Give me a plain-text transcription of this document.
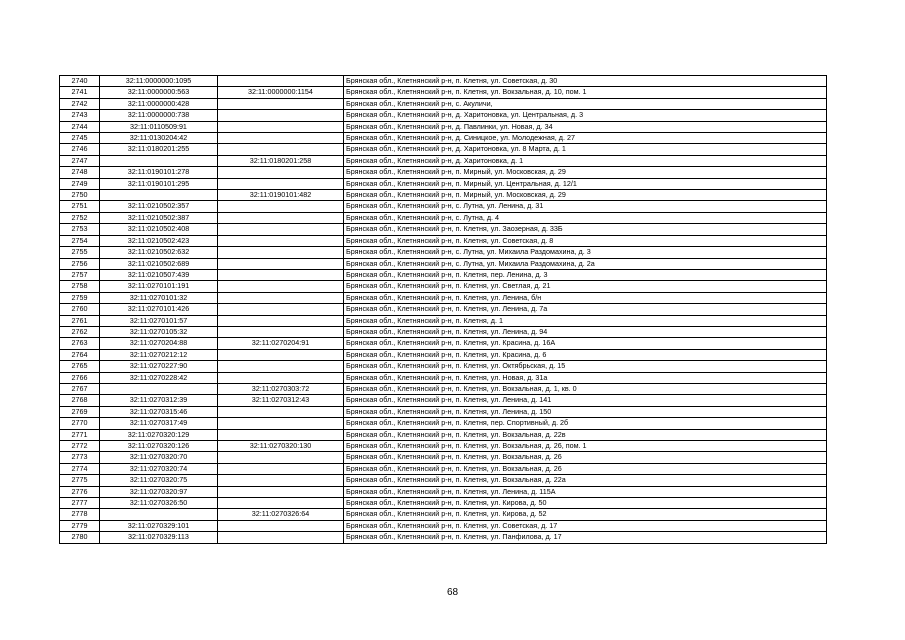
2740	32:11:0000000:1095		Брянская обл., Клетнянский р-н, п. Клетня, ул. Советская, д. 30
2741	32:11:0000000:563	32:11:0000000:1154	Брянская обл., Клетнянский р-н, п. Клетня, ул. Вокзальная, д. 10, пом. 1
2742	32:11:0000000:428		Брянская обл., Клетнянский р-н, с. Акуличи,
2743	32:11:0000000:738		Брянская обл., Клетнянский р-н, д. Харитоновка, ул. Центральная, д. 3
2744	32:11:0110509:91		Брянская обл., Клетнянский р-н, д. Павлинки, ул. Новая, д. 34
2745	32:11:0130204:42		Брянская обл., Клетнянский р-н, д. Синицкое, ул. Молодежная, д. 27
2746	32:11:0180201:255		Брянская обл., Клетнянский р-н, д. Харитоновка, ул. 8 Марта, д. 1
2747		32:11:0180201:258	Брянская обл., Клетнянский р-н, д. Харитоновка, д. 1
2748	32:11:0190101:278		Брянская обл., Клетнянский р-н, п. Мирный, ул. Московская, д. 29
2749	32:11:0190101:295		Брянская обл., Клетнянский р-н, п. Мирный, ул. Центральная, д. 12/1
2750		32:11:0190101:482	Брянская обл., Клетнянский р-н, п. Мирный, ул. Московская, д. 29
2751	32:11:0210502:357		Брянская обл., Клетнянский р-н, с. Лутна, ул. Ленина, д. 31
2752	32:11:0210502:387		Брянская обл., Клетнянский р-н, с. Лутна, д. 4
2753	32:11:0210502:408		Брянская обл., Клетнянский р-н, п. Клетня, ул. Заозерная, д. 33Б
2754	32:11:0210502:423		Брянская обл., Клетнянский р-н, п. Клетня, ул. Советская, д. 8
2755	32:11:0210502:632		Брянская обл., Клетнянский р-н, с. Лутна, ул. Михаила Раздомахина, д. 3
2756	32:11:0210502:689		Брянская обл., Клетнянский р-н, с. Лутна, ул. Михаила Раздомахина, д. 2а
2757	32:11:0210507:439		Брянская обл., Клетнянский р-н, п. Клетня, пер. Ленина, д. 3
2758	32:11:0270101:191		Брянская обл., Клетнянский р-н, п. Клетня, ул. Светлая, д. 21
2759	32:11:0270101:32		Брянская обл., Клетнянский р-н, п. Клетня, ул. Ленина, б/н
2760	32:11:0270101:426		Брянская обл., Клетнянский р-н, п. Клетня, ул. Ленина, д. 7а
2761	32:11:0270101:57		Брянская обл., Клетнянский р-н, п. Клетня, д. 1
2762	32:11:0270105:32		Брянская обл., Клетнянский р-н, п. Клетня, ул. Ленина, д. 94
2763	32:11:0270204:88	32:11:0270204:91	Брянская обл., Клетнянский р-н, п. Клетня, ул. Красина, д. 16А
2764	32:11:0270212:12		Брянская обл., Клетнянский р-н, п. Клетня, ул. Красина, д. 6
2765	32:11:0270227:90		Брянская обл., Клетнянский р-н, п. Клетня, ул. Октябрьская, д. 15
2766	32:11:0270228:42		Брянская обл., Клетнянский р-н, п. Клетня, ул. Новая, д. 31а
2767		32:11:0270303:72	Брянская обл., Клетнянский р-н, п. Клетня, ул. Вокзальная, д. 1, кв. 0
2768	32:11:0270312:39	32:11:0270312:43	Брянская обл., Клетнянский р-н, п. Клетня, ул. Ленина, д. 141
2769	32:11:0270315:46		Брянская обл., Клетнянский р-н, п. Клетня, ул. Ленина, д. 150
2770	32:11:0270317:49		Брянская обл., Клетнянский р-н, п. Клетня, пер. Спортивный, д. 2б
2771	32:11:0270320:129		Брянская обл., Клетнянский р-н, п. Клетня, ул. Вокзальная, д. 22в
2772	32:11:0270320:126	32:11:0270320:130	Брянская обл., Клетнянский р-н, п. Клетня, ул. Вокзальная, д. 26, пом. 1
2773	32:11:0270320:70		Брянская обл., Клетнянский р-н, п. Клетня, ул. Вокзальная, д. 26
2774	32:11:0270320:74		Брянская обл., Клетнянский р-н, п. Клетня, ул. Вокзальная, д. 26
2775	32:11:0270320:75		Брянская обл., Клетнянский р-н, п. Клетня, ул. Вокзальная, д. 22а
2776	32:11:0270320:97		Брянская обл., Клетнянский р-н, п. Клетня, ул. Ленина, д. 115А
2777	32:11:0270326:50		Брянская обл., Клетнянский р-н, п. Клетня, ул. Кирова, д. 50
2778		32:11:0270326:64	Брянская обл., Клетнянский р-н, п. Клетня, ул. Кирова, д. 52
2779	32:11:0270329:101		Брянская обл., Клетнянский р-н, п. Клетня, ул. Советская, д. 17
2780	32:11:0270329:113		Брянская обл., Клетнянский р-н, п. Клетня, ул. Панфилова, д. 17
68
